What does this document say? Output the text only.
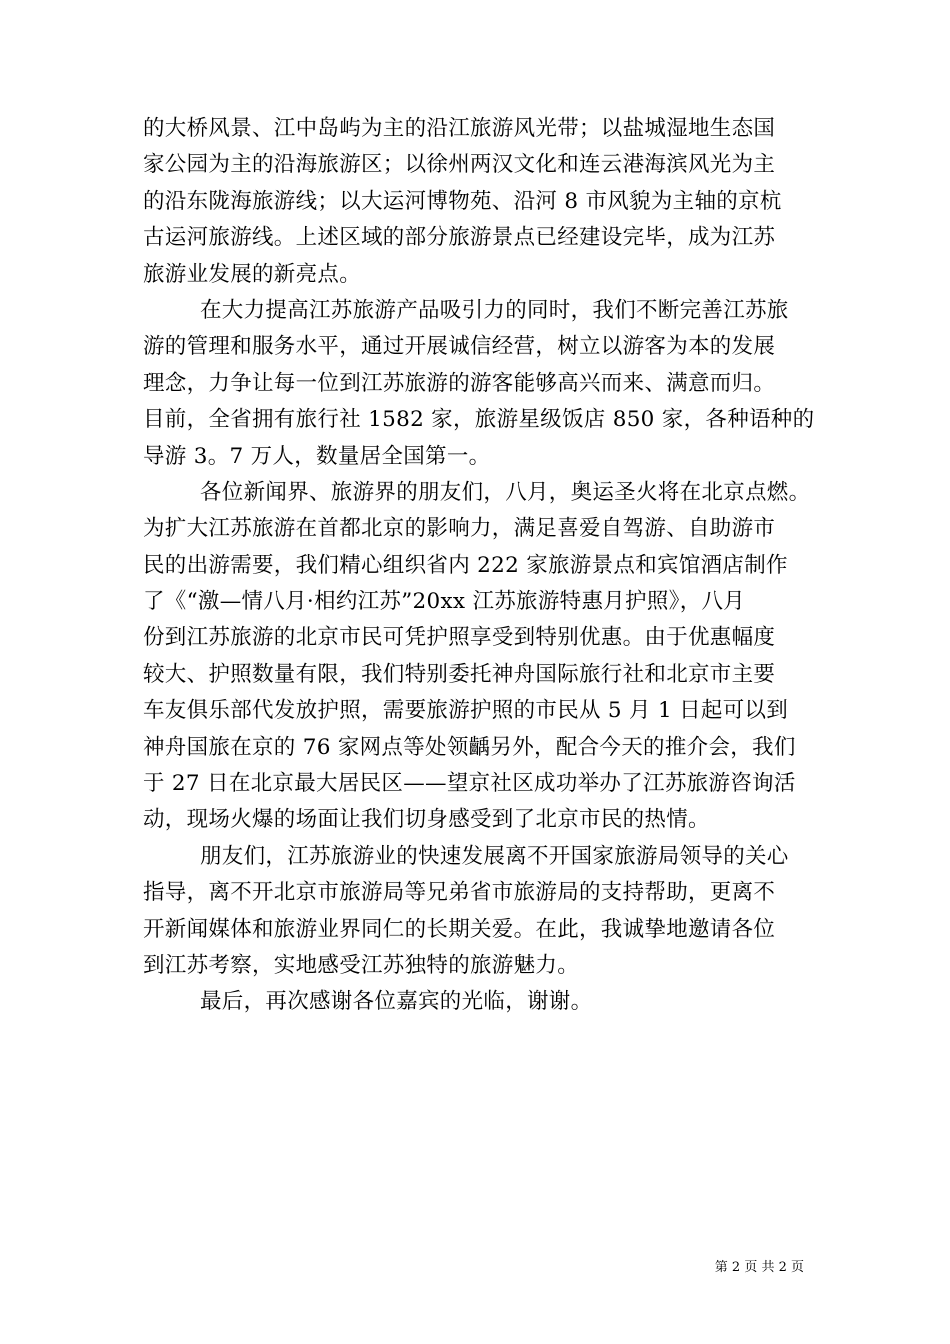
的大桥风景、江中岛屿为主的沿江旅游风光带；以盐城湿地生态国
家公园为主的沿海旅游区；以徐州两汉文化和连云港海滨风光为主
的沿东陇海旅游线；以大运河博物苑、沿河 8 市风貌为主轴的京杭
古运河旅游线。上述区域的部分旅游景点已经建设完毕，成为江苏
旅游业发展的新亮点。
在大力提高江苏旅游产品吸引力的同时，我们不断完善江苏旅
游的管理和服务水平，通过开展诚信经营，树立以游客为本的发展
理念，力争让每一位到江苏旅游的游客能够高兴而来、满意而归。
目前，全省拥有旅行社 1582 家，旅游星级饭店 850 家，各种语种的
导游 3。7 万人，数量居全国第一。
各位新闻界、旅游界的朋友们，八月，奥运圣火将在北京点燃。
为扩大江苏旅游在首都北京的影响力，满足喜爱自驾游、自助游市
民的出游需要，我们精心组织省内 222 家旅游景点和宾馆酒店制作
了《“激—情八月·相约江苏”20xx 江苏旅游特惠月护照》，八月
份到江苏旅游的北京市民可凭护照享受到特别优惠。由于优惠幅度
较大、护照数量有限，我们特别委托神舟国际旅行社和北京市主要
车友俱乐部代发放护照，需要旅游护照的市民从 5 月 1 日起可以到
神舟国旅在京的 76 家网点等处领齲另外，配合今天的推介会，我们
于 27 日在北京最大居民区——望京社区成功举办了江苏旅游咨询活
动，现场火爆的场面让我们切身感受到了北京市民的热情。
朋友们，江苏旅游业的快速发展离不开国家旅游局领导的关心
指导，离不开北京市旅游局等兄弟省市旅游局的支持帮助，更离不
开新闻媒体和旅游业界同仁的长期关爱。在此，我诚挚地邀请各位
到江苏考察，实地感受江苏独特的旅游魅力。
最后，再次感谢各位嘉宾的光临，谢谢。
第 2 页 共 2 页
